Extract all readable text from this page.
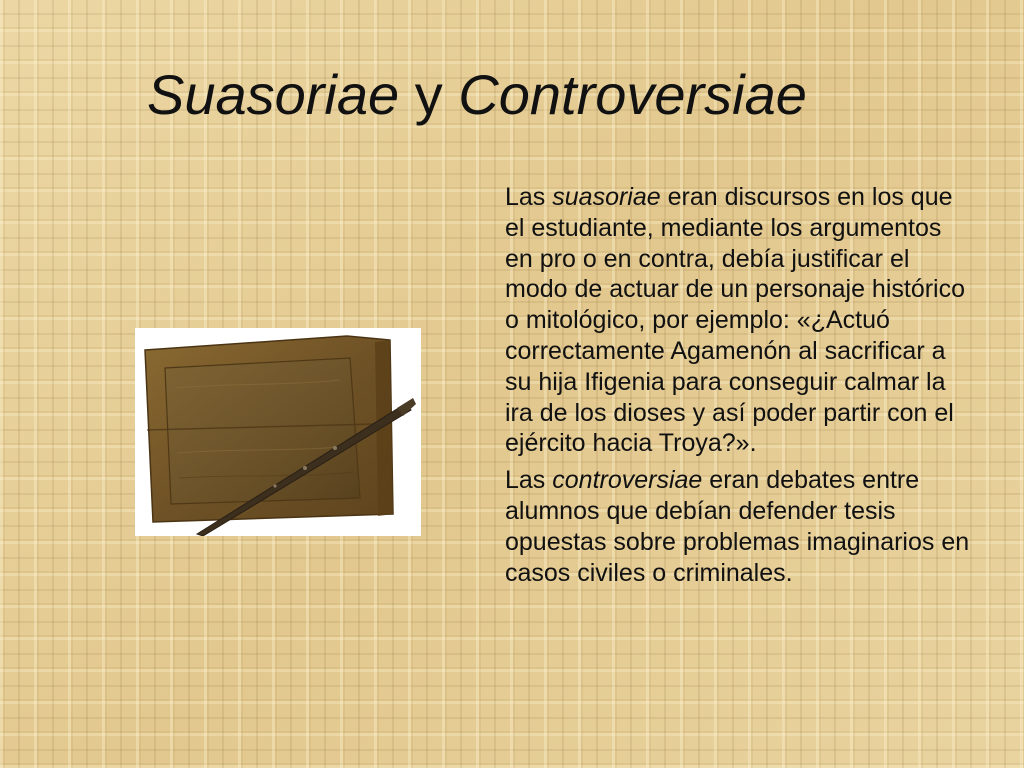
Suasoriae y Controversiae

Las suasoriae eran discursos en los que el estudiante, mediante los argumentos en pro o en contra, debía justificar el modo de actuar de un personaje histórico o mitológico, por ejemplo: «¿Actuó correctamente Agamenón al sacrificar a su hija Ifigenia para conseguir calmar la ira de los dioses y así poder partir con el ejército hacia Troya?».

Las controversiae eran debates entre alumnos que debían defender tesis opuestas sobre problemas imaginarios en casos civiles o criminales.
